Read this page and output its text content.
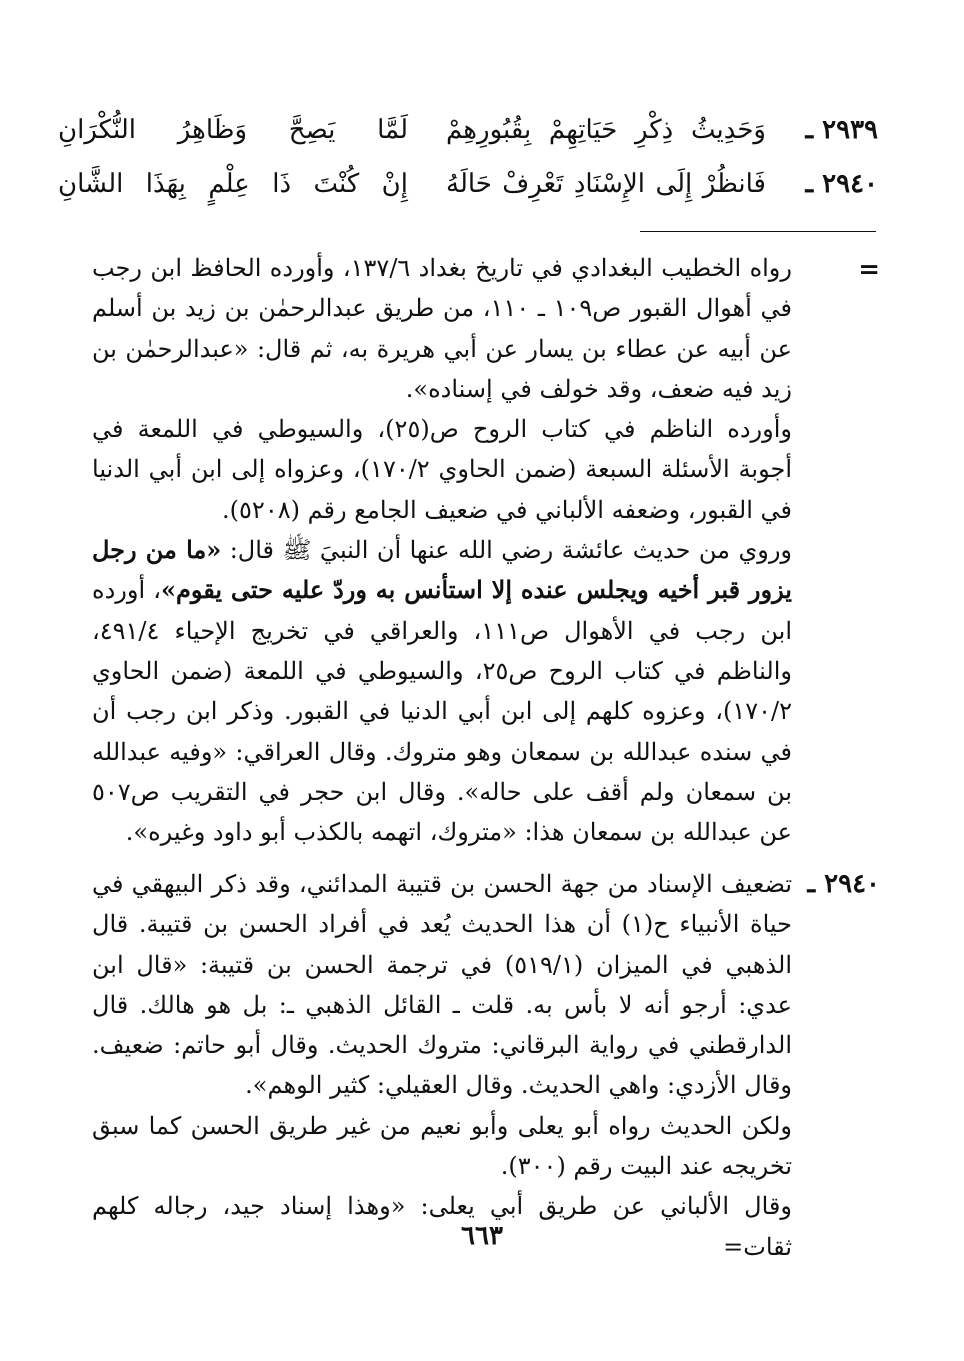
٢٩٣٩ ـ
وَحَدِيثُ ذِكْرِ حَيَاتِهِمْ بِقُبُورِهِمْ
لَمَّا يَصِحَّ وَظَاهِرُ النُّكْرَانِ
٢٩٤٠ ـ
فَانظُرْ إِلَى الإِسْنَادِ تَعْرِفْ حَالَهُ
إِنْ كُنْتَ ذَا عِلْمٍ بِهَذَا الشَّانِ
=

رواه الخطيب البغدادي في تاريخ بغداد ١٣٧/٦، وأورده الحافظ ابن رجب في أهوال القبور ص١٠٩ ـ ١١٠، من طريق عبدالرحمٰن بن زيد بن أسلم عن أبيه عن عطاء بن يسار عن أبي هريرة به، ثم قال: «عبدالرحمٰن بن زيد فيه ضعف، وقد خولف في إسناده».

وأورده الناظم في كتاب الروح ص(٢٥)، والسيوطي في اللمعة في أجوبة الأسئلة السبعة (ضمن الحاوي ١٧٠/٢)، وعزواه إلى ابن أبي الدنيا في القبور، وضعفه الألباني في ضعيف الجامع رقم (٥٢٠٨).

وروي من حديث عائشة رضي الله عنها أن النبيَ ﷺ قال: «ما من رجل يزور قبر أخيه ويجلس عنده إلا استأنس به وردّ عليه حتى يقوم»، أورده ابن رجب في الأهوال ص١١١، والعراقي في تخريج الإحياء ٤٩١/٤، والناظم في كتاب الروح ص٢٥، والسيوطي في اللمعة (ضمن الحاوي ١٧٠/٢)، وعزوه كلهم إلى ابن أبي الدنيا في القبور. وذكر ابن رجب أن في سنده عبدالله بن سمعان وهو متروك. وقال العراقي: «وفيه عبدالله بن سمعان ولم أقف على حاله». وقال ابن حجر في التقريب ص٥٠٧ عن عبدالله بن سمعان هذا: «متروك، اتهمه بالكذب أبو داود وغيره».

٢٩٤٠ ـ

تضعيف الإسناد من جهة الحسن بن قتيبة المدائني، وقد ذكر البيهقي في حياة الأنبياء ح(١) أن هذا الحديث يُعد في أفراد الحسن بن قتيبة. قال الذهبي في الميزان (٥١٩/١) في ترجمة الحسن بن قتيبة: «قال ابن عدي: أرجو أنه لا بأس به. قلت ـ القائل الذهبي ـ: بل هو هالك. قال الدارقطني في رواية البرقاني: متروك الحديث. وقال أبو حاتم: ضعيف. وقال الأزدي: واهي الحديث. وقال العقيلي: كثير الوهم».

ولكن الحديث رواه أبو يعلى وأبو نعيم من غير طريق الحسن كما سبق تخريجه عند البيت رقم (٣٠٠).

وقال الألباني عن طريق أبي يعلى: «وهذا إسناد جيد، رجاله كلهم ثقات=

٦٦٣
